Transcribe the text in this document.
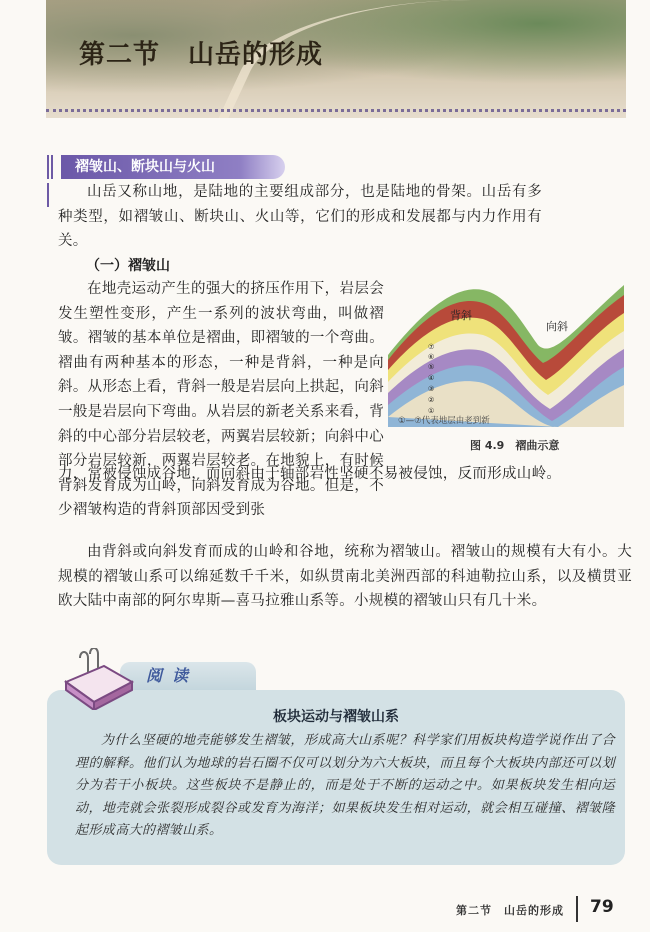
第二节 山岳的形成
褶皱山、断块山与火山
山岳又称山地，是陆地的主要组成部分，也是陆地的骨架。山岳有多种类型，如褶皱山、断块山、火山等，它们的形成和发展都与内力作用有关。
（一）褶皱山
在地壳运动产生的强大的挤压作用下，岩层会发生塑性变形，产生一系列的波状弯曲，叫做褶皱。褶皱的基本单位是褶曲，即褶皱的一个弯曲。褶曲有两种基本的形态，一种是背斜，一种是向斜。从形态上看，背斜一般是岩层向上拱起，向斜一般是岩层向下弯曲。从岩层的新老关系来看，背斜的中心部分岩层较老，两翼岩层较新；向斜中心部分岩层较新，两翼岩层较老。在地貌上，有时候背斜发育成为山岭，向斜发育成为谷地。但是，不少褶皱构造的背斜顶部因受到张
力，常被侵蚀成谷地，而向斜由于轴部岩性坚硬不易被侵蚀，反而形成山岭。
由背斜或向斜发育而成的山岭和谷地，统称为褶皱山。褶皱山的规模有大有小。大规模的褶皱山系可以绵延数千千米，如纵贯南北美洲西部的科迪勒拉山系，以及横贯亚欧大陆中南部的阿尔卑斯—喜马拉雅山系等。小规模的褶皱山只有几十米。
背斜
向斜
⑦
⑥
⑤
④
③
②
①
①—⑦代表地层由老到新
图 4.9　褶曲示意
阅读
板块运动与褶皱山系
为什么坚硬的地壳能够发生褶皱，形成高大山系呢？科学家们用板块构造学说作出了合理的解释。他们认为地球的岩石圈不仅可以划分为六大板块，而且每个大板块内部还可以划分为若干小板块。这些板块不是静止的，而是处于不断的运动之中。如果板块发生相向运动，地壳就会张裂形成裂谷或发育为海洋；如果板块发生相对运动，就会相互碰撞、褶皱隆起形成高大的褶皱山系。
第二节　山岳的形成 79
